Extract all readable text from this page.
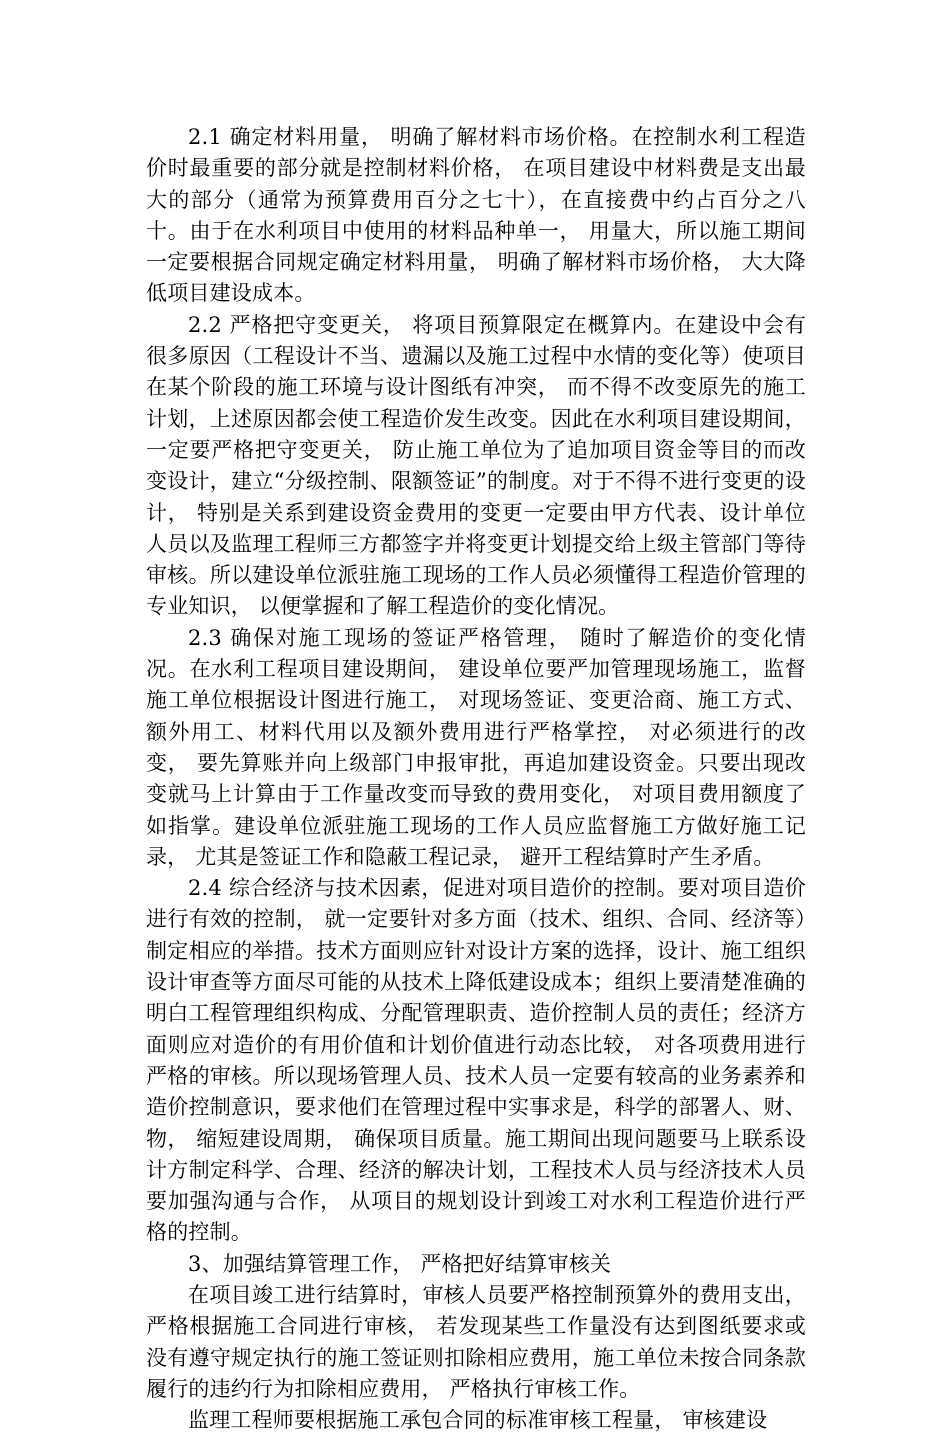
2.1 确定材料用量， 明确了解材料市场价格。在控制水利工程造价时最重要的部分就是控制材料价格， 在项目建设中材料费是支出最大的部分（通常为预算费用百分之七十），在直接费中约占百分之八十。由于在水利项目中使用的材料品种单一， 用量大，所以施工期间一定要根据合同规定确定材料用量， 明确了解材料市场价格， 大大降低项目建设成本。

2.2 严格把守变更关， 将项目预算限定在概算内。在建设中会有很多原因（工程设计不当、遗漏以及施工过程中水情的变化等）使项目在某个阶段的施工环境与设计图纸有冲突， 而不得不改变原先的施工计划，上述原因都会使工程造价发生改变。因此在水利项目建设期间， 一定要严格把守变更关， 防止施工单位为了追加项目资金等目的而改变设计，建立“分级控制、限额签证”的制度。对于不得不进行变更的设计， 特别是关系到建设资金费用的变更一定要由甲方代表、设计单位人员以及监理工程师三方都签字并将变更计划提交给上级主管部门等待审核。所以建设单位派驻施工现场的工作人员必须懂得工程造价管理的专业知识， 以便掌握和了解工程造价的变化情况。

2.3 确保对施工现场的签证严格管理， 随时了解造价的变化情况。在水利工程项目建设期间， 建设单位要严加管理现场施工，监督施工单位根据设计图进行施工， 对现场签证、变更洽商、施工方式、额外用工、材料代用以及额外费用进行严格掌控， 对必须进行的改变， 要先算账并向上级部门申报审批，再追加建设资金。只要出现改变就马上计算由于工作量改变而导致的费用变化， 对项目费用额度了如指掌。建设单位派驻施工现场的工作人员应监督施工方做好施工记录， 尤其是签证工作和隐蔽工程记录， 避开工程结算时产生矛盾。

2.4 综合经济与技术因素，促进对项目造价的控制。要对项目造价进行有效的控制， 就一定要针对多方面（技术、组织、合同、经济等）制定相应的举措。技术方面则应针对设计方案的选择，设计、施工组织设计审查等方面尽可能的从技术上降低建设成本；组织上要清楚准确的明白工程管理组织构成、分配管理职责、造价控制人员的责任；经济方面则应对造价的有用价值和计划价值进行动态比较， 对各项费用进行严格的审核。所以现场管理人员、技术人员一定要有较高的业务素养和造价控制意识，要求他们在管理过程中实事求是，科学的部署人、财、物， 缩短建设周期， 确保项目质量。施工期间出现问题要马上联系设计方制定科学、合理、经济的解决计划，工程技术人员与经济技术人员要加强沟通与合作， 从项目的规划设计到竣工对水利工程造价进行严格的控制。

3、加强结算管理工作， 严格把好结算审核关

在项目竣工进行结算时，审核人员要严格控制预算外的费用支出，严格根据施工合同进行审核， 若发现某些工作量没有达到图纸要求或没有遵守规定执行的施工签证则扣除相应费用，施工单位未按合同条款履行的违约行为扣除相应费用， 严格执行审核工作。

监理工程师要根据施工承包合同的标准审核工程量， 审核建设
